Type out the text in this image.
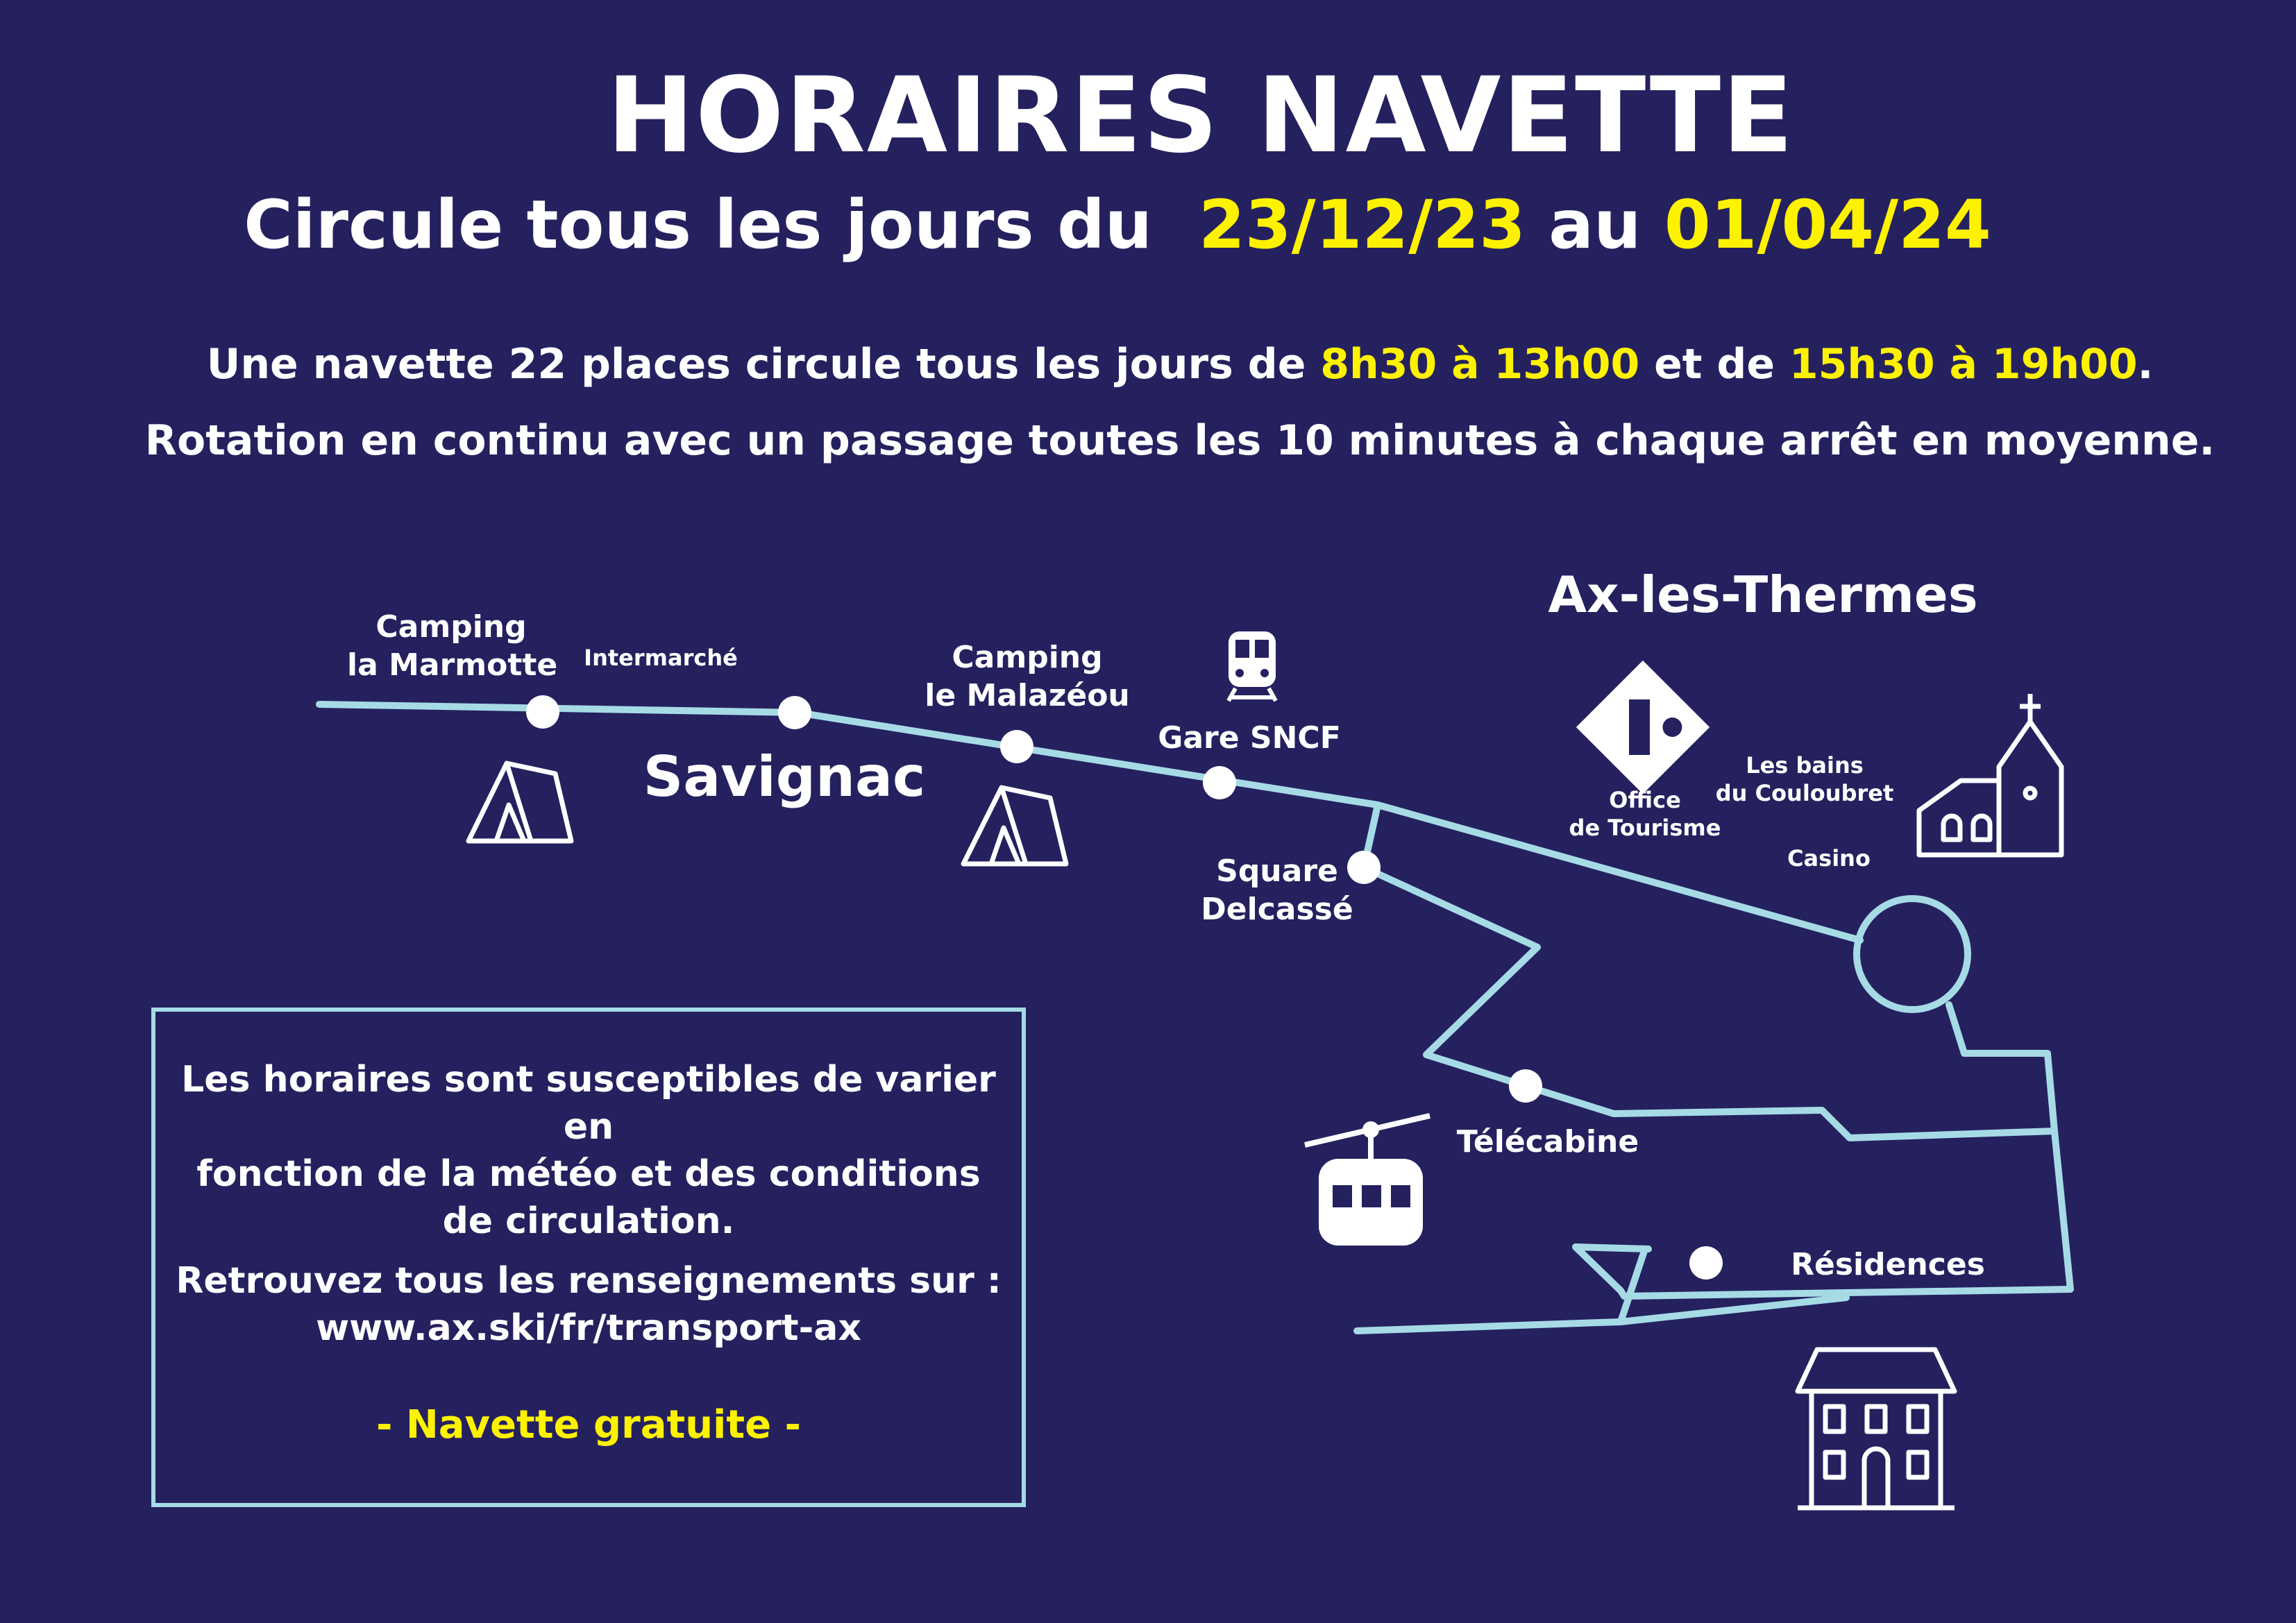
HORAIRES NAVETTE
Circule tous les jours du 23/12/23 au 01/04/24
Une navette 22 places circule tous les jours de 8h30 à 13h00 et de 15h30 à 19h00.
Rotation en continu avec un passage toutes les 10 minutes à chaque arrêt en moyenne.
Camping
la Marmotte Intermarché
Savignac
Camping
le Malazéou
Gare SNCF
Ax-les-Thermes
Office
de Tourisme
Les bains
du Couloubret
Casino
Square
Delcassé
Télécabine
Résidences
Les horaires sont susceptibles de varier en
fonction de la météo et des conditions
de circulation.
Retrouvez tous les renseignements sur :
www.ax.ski/fr/transport-ax
- Navette gratuite -
